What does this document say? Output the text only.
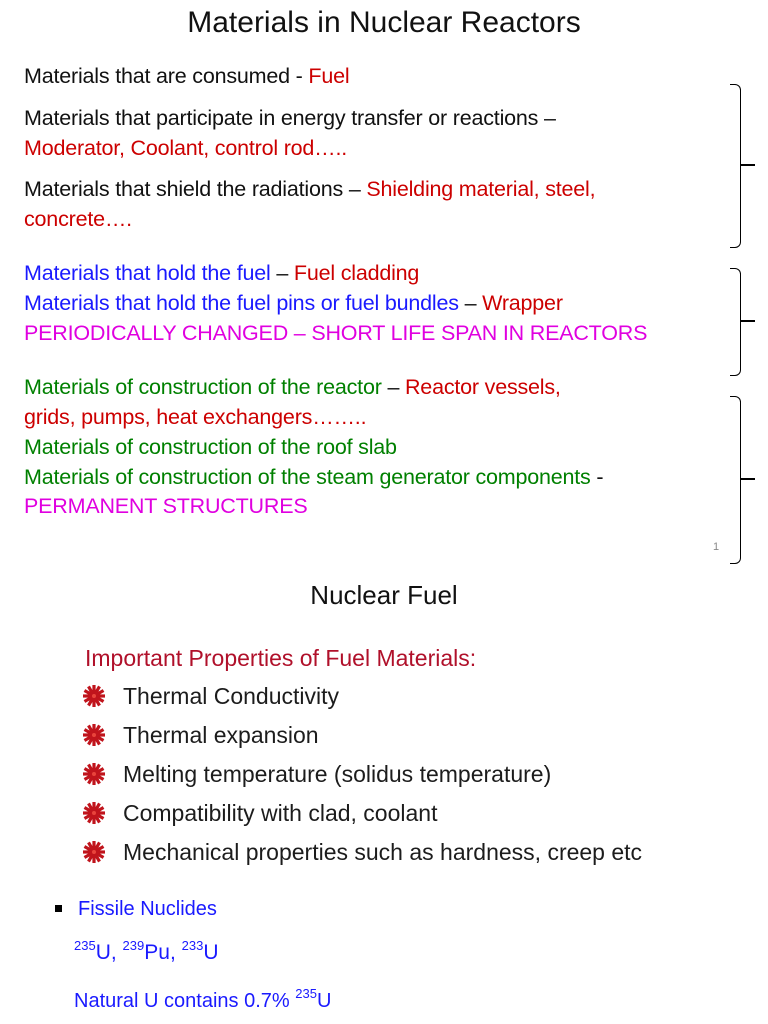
Materials in Nuclear Reactors
Materials that are consumed - Fuel
Materials that participate in energy transfer or reactions –
Moderator, Coolant, control rod…..
Materials that shield the radiations – Shielding material, steel,
concrete….
Materials that hold the fuel – Fuel cladding
Materials that hold the fuel pins or fuel bundles – Wrapper
PERIODICALLY CHANGED – SHORT LIFE SPAN IN REACTORS
Materials of construction of the reactor – Reactor vessels,
grids, pumps, heat exchangers……..
Materials of construction of the roof slab
Materials of construction of the steam generator components -
PERMANENT STRUCTURES
1
Nuclear Fuel
Important Properties of Fuel Materials:
Thermal Conductivity
Thermal expansion
Melting temperature (solidus temperature)
Compatibility with clad, coolant
Mechanical properties such as hardness, creep etc
Fissile Nuclides
$^{235}$U, $^{239}$Pu, $^{233}$U
Natural U contains 0.7% $^{235}$U
